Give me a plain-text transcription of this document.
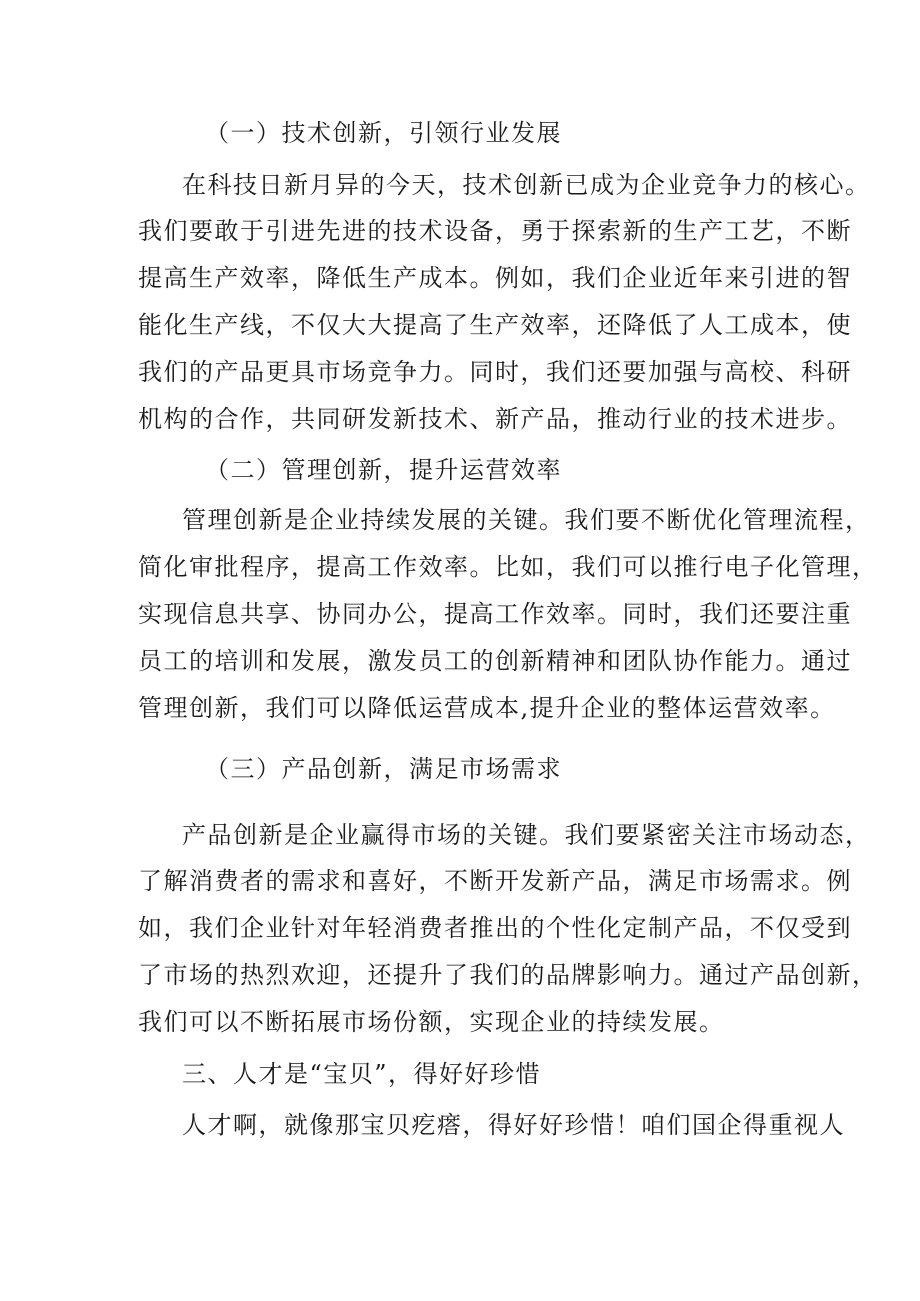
（一）技术创新，引领行业发展
在科技日新月异的今天，技术创新已成为企业竞争力的核心。
我们要敢于引进先进的技术设备，勇于探索新的生产工艺，不断
提高生产效率，降低生产成本。例如，我们企业近年来引进的智
能化生产线，不仅大大提高了生产效率，还降低了人工成本，使
我们的产品更具市场竞争力。同时，我们还要加强与高校、科研
机构的合作，共同研发新技术、新产品，推动行业的技术进步。
（二）管理创新，提升运营效率
管理创新是企业持续发展的关键。我们要不断优化管理流程，
简化审批程序，提高工作效率。比如，我们可以推行电子化管理，
实现信息共享、协同办公，提高工作效率。同时，我们还要注重
员工的培训和发展，激发员工的创新精神和团队协作能力。通过
管理创新，我们可以降低运营成本,提升企业的整体运营效率。
（三）产品创新，满足市场需求
产品创新是企业赢得市场的关键。我们要紧密关注市场动态，
了解消费者的需求和喜好，不断开发新产品，满足市场需求。例
如，我们企业针对年轻消费者推出的个性化定制产品，不仅受到
了市场的热烈欢迎，还提升了我们的品牌影响力。通过产品创新，
我们可以不断拓展市场份额，实现企业的持续发展。
三、人才是“宝贝”，得好好珍惜
人才啊，就像那宝贝疙瘩，得好好珍惜！咱们国企得重视人
